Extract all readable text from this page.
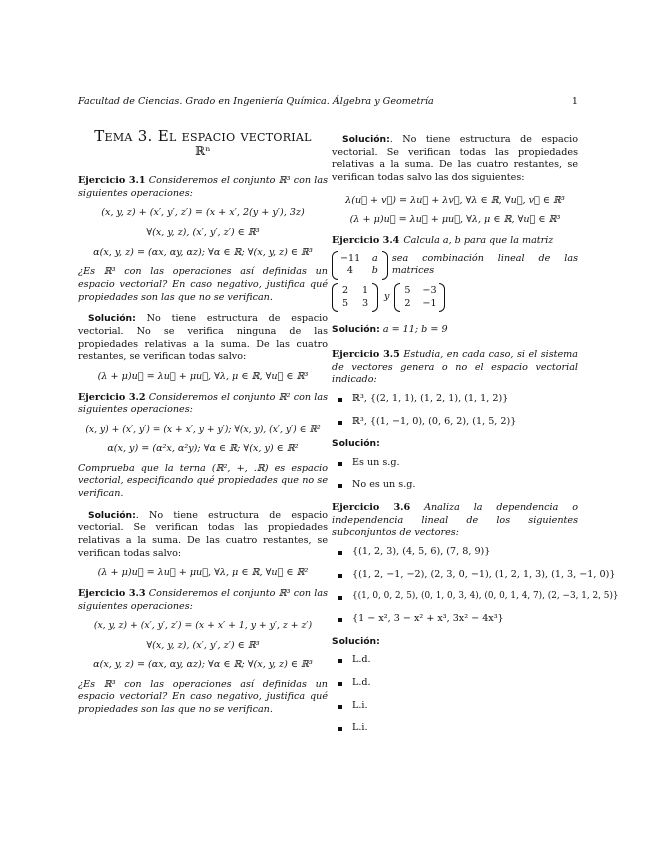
Facultad de Ciencias. Grado en Ingeniería Química. Álgebra y Geometría	1
Tema 3. El espacio vectorial
ℝⁿ
Ejercicio 3.1 Consideremos el conjunto ℝ³ con las siguientes operaciones:
(x, y, z) + (x′, y′, z′) = (x + x′, 2(y + y′), 3z)
∀(x, y, z), (x′, y′, z′) ∈ ℝ³
α(x, y, z) = (αx, αy, αz); ∀α ∈ ℝ; ∀(x, y, z) ∈ ℝ³
¿Es ℝ³ con las operaciones así definidas un espacio vectorial? En caso negativo, justifica qué propiedades son las que no se verifican.
Solución: No tiene estructura de espacio vectorial. No se verifica ninguna de las propiedades relativas a la suma. De las cuatro restantes, se verifican todas salvo:
(λ + μ)u⃗ = λu⃗ + μu⃗, ∀λ, μ ∈ ℝ, ∀u⃗ ∈ ℝ³
Ejercicio 3.2 Consideremos el conjunto ℝ² con las siguientes operaciones:
(x, y) + (x′, y′) = (x + x′, y + y′); ∀(x, y), (x′, y′) ∈ ℝ²
α(x, y) = (α²x, α²y); ∀α ∈ ℝ; ∀(x, y) ∈ ℝ²
Comprueba que la terna (ℝ², +, .ℝ) es espacio vectorial, especificando qué propiedades que no se verifican.
Solución:. No tiene estructura de espacio vectorial. Se verifican todas las propiedades relativas a la suma. De las cuatro restantes, se verifican todas salvo:
(λ + μ)u⃗ = λu⃗ + μu⃗, ∀λ, μ ∈ ℝ, ∀u⃗ ∈ ℝ²
Ejercicio 3.3 Consideremos el conjunto ℝ³ con las siguientes operaciones:
(x, y, z) + (x′, y′, z′) = (x + x′ + 1, y + y′, z + z′)
∀(x, y, z), (x′, y′, z′) ∈ ℝ³
α(x, y, z) = (αx, αy, αz); ∀α ∈ ℝ; ∀(x, y, z) ∈ ℝ³
¿Es ℝ³ con las operaciones así definidas un espacio vectorial? En caso negativo, justifica qué propiedades son las que no se verifican.
Solución:. No tiene estructura de espacio vectorial. Se verifican todas las propiedades relativas a la suma. De las cuatro restantes, se verifican todas salvo las dos siguientes:
λ(u⃗ + v⃗) = λu⃗ + λv⃗, ∀λ ∈ ℝ, ∀u⃗, v⃗ ∈ ℝ³
(λ + μ)u⃗ = λu⃗ + μu⃗, ∀λ, μ ∈ ℝ, ∀u⃗ ∈ ℝ³
Ejercicio 3.4 Calcula a, b para que la matriz
−11 a
4	b
sea combinación lineal de las matrices
2 1
5 3
y
5 −3
2 −1
Solución: a = 11; b = 9
Ejercicio 3.5 Estudia, en cada caso, si el sistema de vectores genera o no el espacio vectorial indicado:
ℝ³, {(2, 1, 1), (1, 2, 1), (1, 1, 2)}
ℝ³, {(1, −1, 0), (0, 6, 2), (1, 5, 2)}
Solución:
Es un s.g.
No es un s.g.
Ejercicio 3.6 Analiza la dependencia o independencia lineal de los siguientes subconjuntos de vectores:
{(1, 2, 3), (4, 5, 6), (7, 8, 9)}
{(1, 2, −1, −2), (2, 3, 0, −1), (1, 2, 1, 3), (1, 3, −1, 0)}
{(1, 0, 0, 2, 5), (0, 1, 0, 3, 4), (0, 0, 1, 4, 7), (2, −3, 1, 2, 5)}
{1 − x², 3 − x² + x³, 3x² − 4x³}
Solución:
L.d.
L.d.
L.i.
L.i.
